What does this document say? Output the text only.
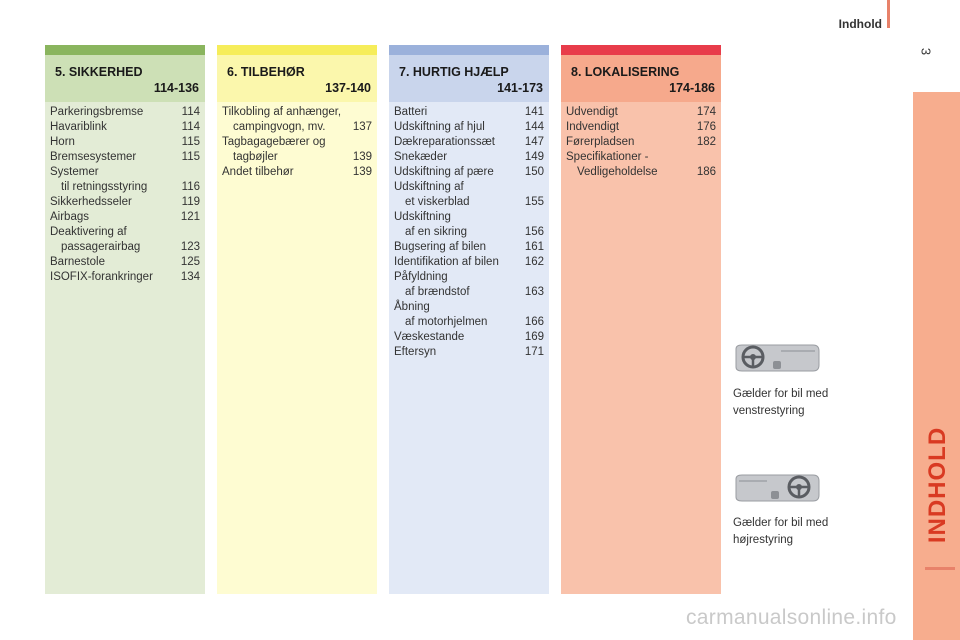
Indhold
3
INDHOLD
5. SIKKERHED
114-136
Parkeringsbremse	114
Havariblink	114
Horn	115
Bremsesystemer	115
Systemer
til retningsstyring	116
Sikkerhedsseler	119
Airbags	121
Deaktivering af
passagerairbag	123
Barnestole	125
ISOFIX-forankringer	134
6. TILBEHØR
137-140
Tilkobling af anhænger,
campingvogn, mv.	137
Tagbagagebærer og
tagbøjler	139
Andet tilbehør	139
7. HURTIG HJÆLP
141-173
Batteri	141
Udskiftning af hjul	144
Dækreparationssæt	147
Snekæder	149
Udskiftning af pære	150
Udskiftning af
et viskerblad	155
Udskiftning
af en sikring	156
Bugsering af bilen	161
Identifikation af bilen	162
Påfyldning
af brændstof	163
Åbning
af motorhjelmen	166
Væskestande	169
Eftersyn	171
8. LOKALISERING
174-186
Udvendigt	174
Indvendigt	176
Førerpladsen	182
Specifikationer -
Vedligeholdelse	186
Gælder for bil med
venstrestyring
Gælder for bil med
højrestyring
carmanualsonline.info
